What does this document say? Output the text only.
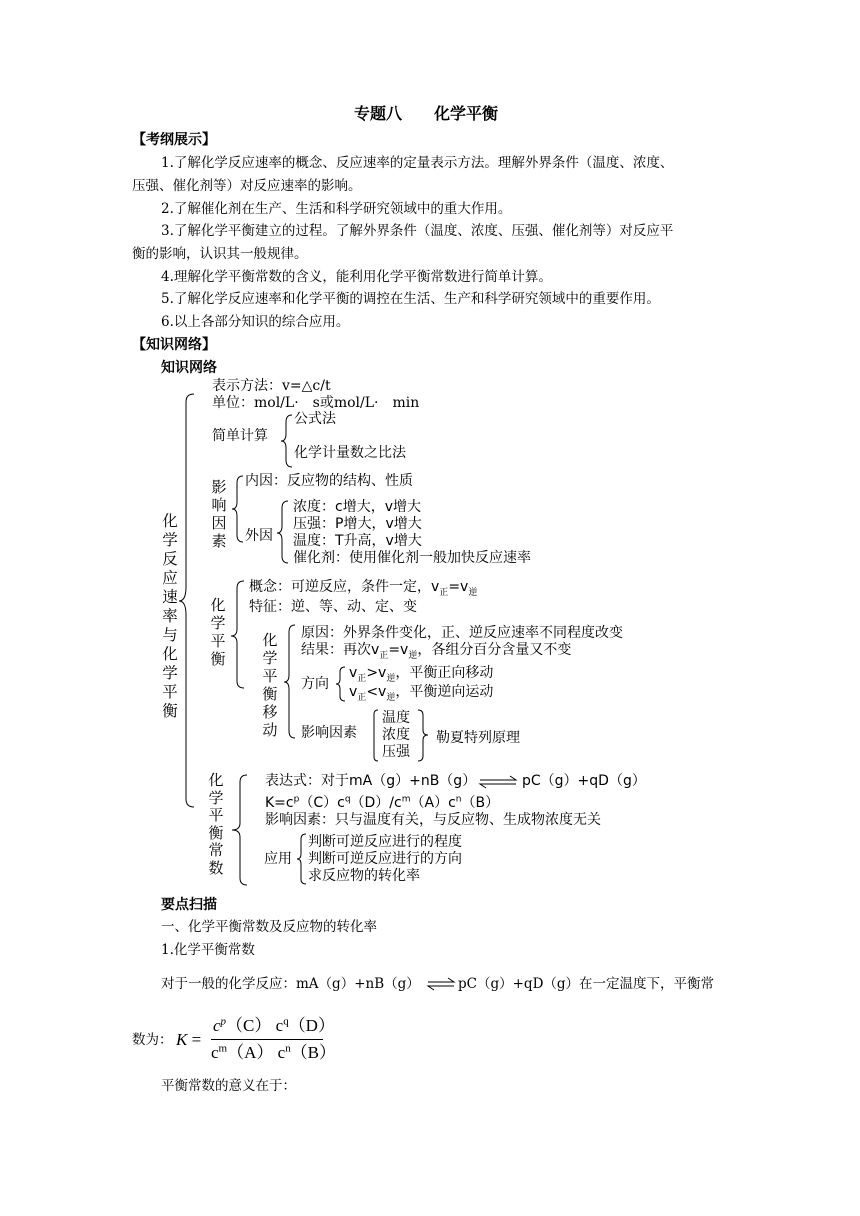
专题八　　化学平衡
【考纲展示】
1.了解化学反应速率的概念、反应速率的定量表示方法。理解外界条件（温度、浓度、
压强、催化剂等）对反应速率的影响。
2.了解催化剂在生产、生活和科学研究领域中的重大作用。
3.了解化学平衡建立的过程。了解外界条件（温度、浓度、压强、催化剂等）对反应平
衡的影响，认识其一般规律。
4.理解化学平衡常数的含义，能利用化学平衡常数进行简单计算。
5.了解化学反应速率和化学平衡的调控在生活、生产和科学研究领域中的重要作用。
6.以上各部分知识的综合应用。
【知识网络】
知识网络
化学反应速率与化学平衡
表示方法：v=△c/t
单位：mol/L·　s或mol/L·　min
简单计算
公式法
化学计量数之比法
影响因素
内因：反应物的结构、性质
外因
浓度：c增大，v增大
压强：P增大，v增大
温度：T升高，v增大
催化剂：使用催化剂一般加快反应速率
化学平衡
概念：可逆反应，条件一定，$v_正=v_逆$
特征：逆、等、动、定、变
化学平衡移动
原因：外界条件变化，正、逆反应速率不同程度改变
结果：再次$v_正=v_逆$，各组分百分含量又不变
方向
$v_正>v_逆$，平衡正向移动
$v_正<v_逆$，平衡逆向运动
影响因素
温度
浓度
压强
勒夏特列原理
化学平衡常数
表达式：对于mA（g）+nB（g） ⇌ pC（g）+qD（g）
$K=c^p(C)c^q(D)/c^m(A)c^n(B)$
影响因素：只与温度有关，与反应物、生成物浓度无关
应用
判断可逆反应进行的程度
判断可逆反应进行的方向
求反应物的转化率
要点扫描
一、化学平衡常数及反应物的转化率
1.化学平衡常数
对于一般的化学反应：mA（g）+nB（g）	pC（g）+qD（g）在一定温度下，平衡常
数为： K =
$c^p(C)$ $c^q(D)$
$c^m(A)$ $c^n(B)$
平衡常数的意义在于：
